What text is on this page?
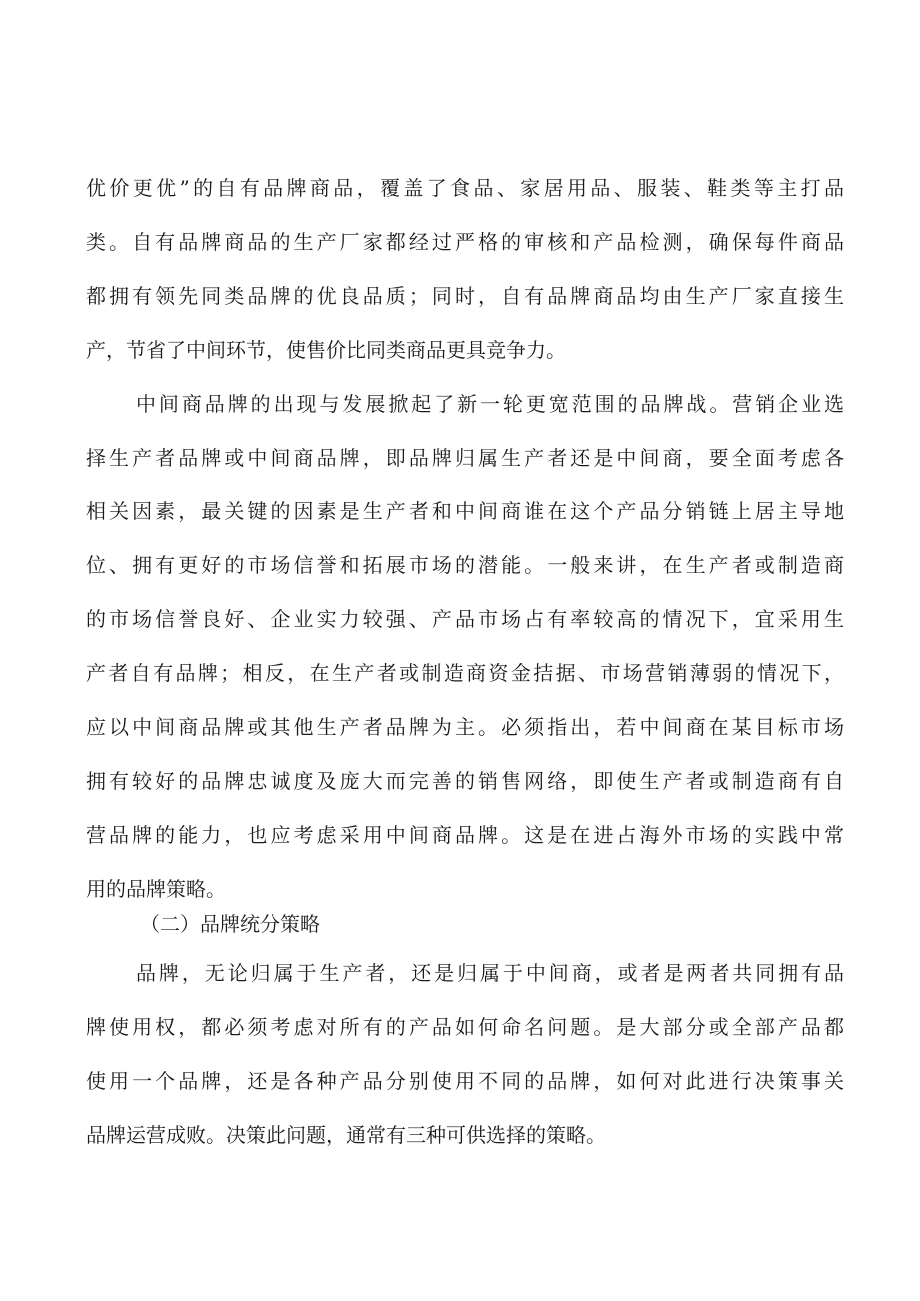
优价更优”的自有品牌商品，覆盖了食品、家居用品、服装、鞋类等主打品
类。自有品牌商品的生产厂家都经过严格的审核和产品检测，确保每件商品
都拥有领先同类品牌的优良品质；同时，自有品牌商品均由生产厂家直接生
产，节省了中间环节，使售价比同类商品更具竞争力。
中间商品牌的出现与发展掀起了新一轮更宽范围的品牌战。营销企业选
择生产者品牌或中间商品牌，即品牌归属生产者还是中间商，要全面考虑各
相关因素，最关键的因素是生产者和中间商谁在这个产品分销链上居主导地
位、拥有更好的市场信誉和拓展市场的潜能。一般来讲，在生产者或制造商
的市场信誉良好、企业实力较强、产品市场占有率较高的情况下，宜采用生
产者自有品牌；相反，在生产者或制造商资金拮据、市场营销薄弱的情况下，
应以中间商品牌或其他生产者品牌为主。必须指出，若中间商在某目标市场
拥有较好的品牌忠诚度及庞大而完善的销售网络，即使生产者或制造商有自
营品牌的能力，也应考虑采用中间商品牌。这是在进占海外市场的实践中常
用的品牌策略。
（二）品牌统分策略
品牌，无论归属于生产者，还是归属于中间商，或者是两者共同拥有品
牌使用权，都必须考虑对所有的产品如何命名问题。是大部分或全部产品都
使用一个品牌，还是各种产品分别使用不同的品牌，如何对此进行决策事关
品牌运营成败。决策此问题，通常有三种可供选择的策略。
